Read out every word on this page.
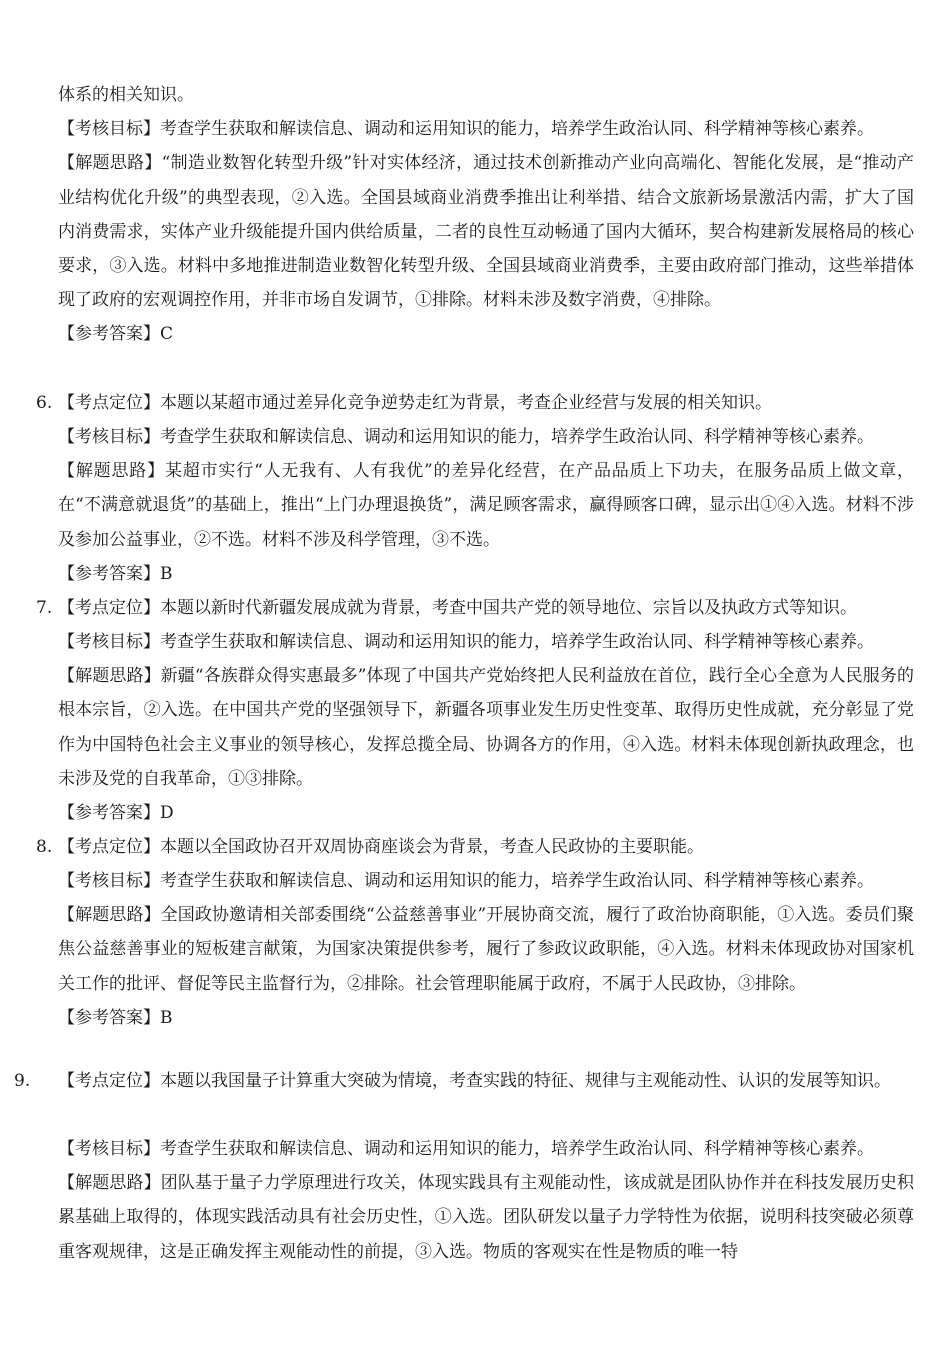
体系的相关知识。

【考核目标】考查学生获取和解读信息、调动和运用知识的能力，培养学生政治认同、科学精神等核心素养。

【解题思路】“制造业数智化转型升级”针对实体经济，通过技术创新推动产业向高端化、智能化发展，是“推动产业结构优化升级”的典型表现，②入选。全国县域商业消费季推出让利举措、结合文旅新场景激活内需，扩大了国内消费需求，实体产业升级能提升国内供给质量，二者的良性互动畅通了国内大循环，契合构建新发展格局的核心要求，③入选。材料中多地推进制造业数智化转型升级、全国县域商业消费季，主要由政府部门推动，这些举措体现了政府的宏观调控作用，并非市场自发调节，①排除。材料未涉及数字消费，④排除。

【参考答案】C

6. 【考点定位】本题以某超市通过差异化竞争逆势走红为背景，考查企业经营与发展的相关知识。

【考核目标】考查学生获取和解读信息、调动和运用知识的能力，培养学生政治认同、科学精神等核心素养。

【解题思路】某超市实行“人无我有、人有我优”的差异化经营，在产品品质上下功夫，在服务品质上做文章，在“不满意就退货”的基础上，推出“上门办理退换货”，满足顾客需求，赢得顾客口碑，显示出①④入选。材料不涉及参加公益事业，②不选。材料不涉及科学管理，③不选。

【参考答案】B

7. 【考点定位】本题以新时代新疆发展成就为背景，考查中国共产党的领导地位、宗旨以及执政方式等知识。

【考核目标】考查学生获取和解读信息、调动和运用知识的能力，培养学生政治认同、科学精神等核心素养。

【解题思路】新疆“各族群众得实惠最多”体现了中国共产党始终把人民利益放在首位，践行全心全意为人民服务的根本宗旨，②入选。在中国共产党的坚强领导下，新疆各项事业发生历史性变革、取得历史性成就，充分彰显了党作为中国特色社会主义事业的领导核心，发挥总揽全局、协调各方的作用，④入选。材料未体现创新执政理念，也未涉及党的自我革命，①③排除。

【参考答案】D

8. 【考点定位】本题以全国政协召开双周协商座谈会为背景，考查人民政协的主要职能。

【考核目标】考查学生获取和解读信息、调动和运用知识的能力，培养学生政治认同、科学精神等核心素养。

【解题思路】全国政协邀请相关部委围绕“公益慈善事业”开展协商交流，履行了政治协商职能，①入选。委员们聚焦公益慈善事业的短板建言献策，为国家决策提供参考，履行了参政议政职能，④入选。材料未体现政协对国家机关工作的批评、督促等民主监督行为，②排除。社会管理职能属于政府，不属于人民政协，③排除。

【参考答案】B

9. 【考点定位】本题以我国量子计算重大突破为情境，考查实践的特征、规律与主观能动性、认识的发展等知识。

【考核目标】考查学生获取和解读信息、调动和运用知识的能力，培养学生政治认同、科学精神等核心素养。

【解题思路】团队基于量子力学原理进行攻关，体现实践具有主观能动性，该成就是团队协作并在科技发展历史积累基础上取得的，体现实践活动具有社会历史性，①入选。团队研发以量子力学特性为依据，说明科技突破必须尊重客观规律，这是正确发挥主观能动性的前提，③入选。物质的客观实在性是物质的唯一特
